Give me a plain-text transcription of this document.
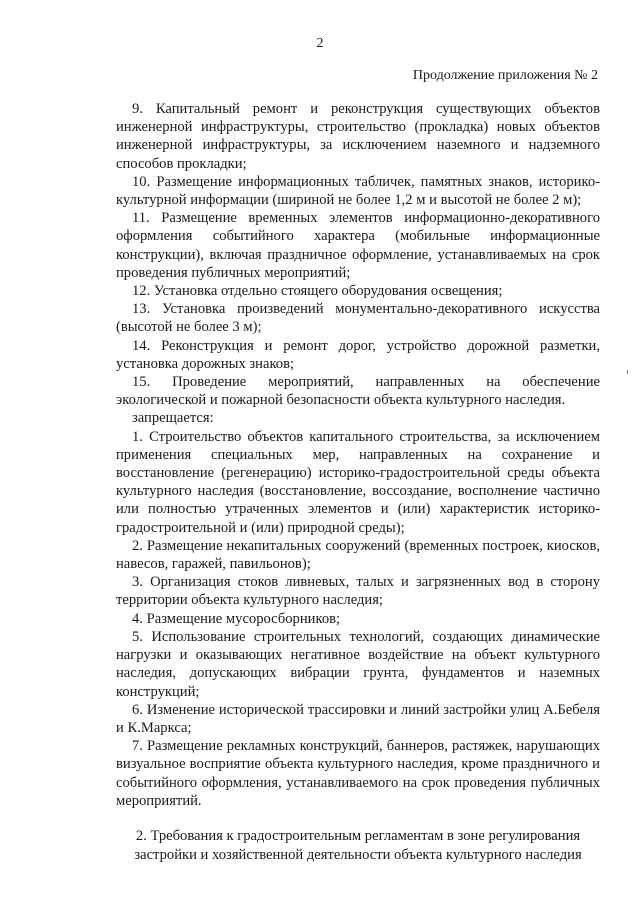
2
Продолжение приложения № 2

9. Капитальный ремонт и реконструкция существующих объектов инженерной инфраструктуры, строительство (прокладка) новых объектов инженерной инфраструктуры, за исключением наземного и надземного способов прокладки;

10. Размещение информационных табличек, памятных знаков, историко-культурной информации (шириной не более 1,2 м и высотой не более 2 м);

11. Размещение временных элементов информационно-декоративного оформления событийного характера (мобильные информационные конструкции), включая праздничное оформление, устанавливаемых на срок проведения публичных мероприятий;

12. Установка отдельно стоящего оборудования освещения;

13. Установка произведений монументально-декоративного искусства (высотой не более 3 м);

14. Реконструкция и ремонт дорог, устройство дорожной разметки, установка дорожных знаков;

15. Проведение мероприятий, направленных на обеспечение экологической и пожарной безопасности объекта культурного наследия.

запрещается:

1. Строительство объектов капитального строительства, за исключением применения специальных мер, направленных на сохранение и восстановление (регенерацию) историко-градостроительной среды объекта культурного наследия (восстановление, воссоздание, восполнение частично или полностью утраченных элементов и (или) характеристик историко-градостроительной и (или) природной среды);

2. Размещение некапитальных сооружений (временных построек, киосков, навесов, гаражей, павильонов);

3. Организация стоков ливневых, талых и загрязненных вод в сторону территории объекта культурного наследия;

4. Размещение мусоросборников;

5. Использование строительных технологий, создающих динамические нагрузки и оказывающих негативное воздействие на объект культурного наследия, допускающих вибрации грунта, фундаментов и наземных конструкций;

6. Изменение исторической трассировки и линий застройки улиц А.Бебеля и К.Маркса;

7. Размещение рекламных конструкций, баннеров, растяжек, нарушающих визуальное восприятие объекта культурного наследия, кроме праздничного и событийного оформления, устанавливаемого на срок проведения публичных мероприятий.

2. Требования к градостроительным регламентам в зоне регулирования застройки и хозяйственной деятельности объекта культурного наследия
